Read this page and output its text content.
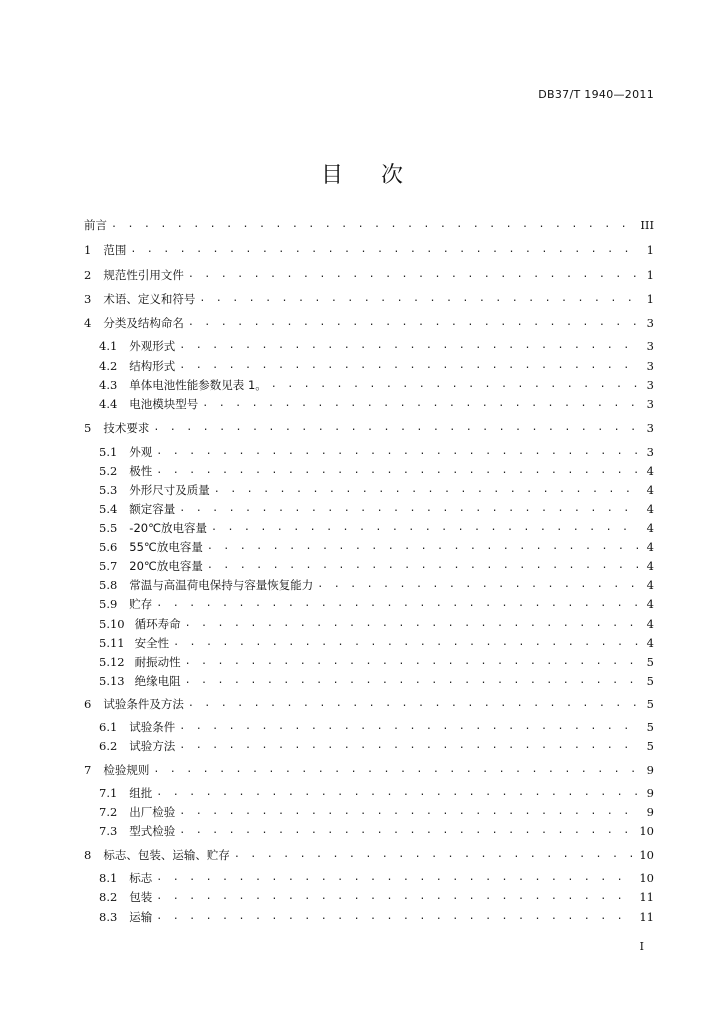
DB37/T 1940—2011
目 次
前言 . . .	III
1 范围 . . .	1
2 规范性引用文件 . . .	1
3 术语、定义和符号 . . .	1
4 分类及结构命名 . . .	3
4.1 外观形式 . . .	3
4.2 结构形式 . . .	3
4.3 单体电池性能参数见表 1。 . . .	3
4.4 电池模块型号 . . .	3
5 技术要求 . . .	3
5.1 外观 . . .	3
5.2 极性 . . .	4
5.3 外形尺寸及质量 . . .	4
5.4 额定容量 . . .	4
5.5 -20℃放电容量 . . .	4
5.6 55℃放电容量 . . .	4
5.7 20℃放电容量 . . .	4
5.8 常温与高温荷电保持与容量恢复能力 . . .	4
5.9 贮存 . . .	4
5.10 循环寿命 . . .	4
5.11 安全性 . . .	4
5.12 耐振动性 . . .	5
5.13 绝缘电阻 . . .	5
6 试验条件及方法 . . .	5
6.1 试验条件 . . .	5
6.2 试验方法 . . .	5
7 检验规则 . . .	9
7.1 组批 . . .	9
7.2 出厂检验 . . .	9
7.3 型式检验 . . .	10
8 标志、包装、运输、贮存 . . .	10
8.1 标志 . . .	10
8.2 包装 . . .	11
8.3 运输 . . .	11
I
